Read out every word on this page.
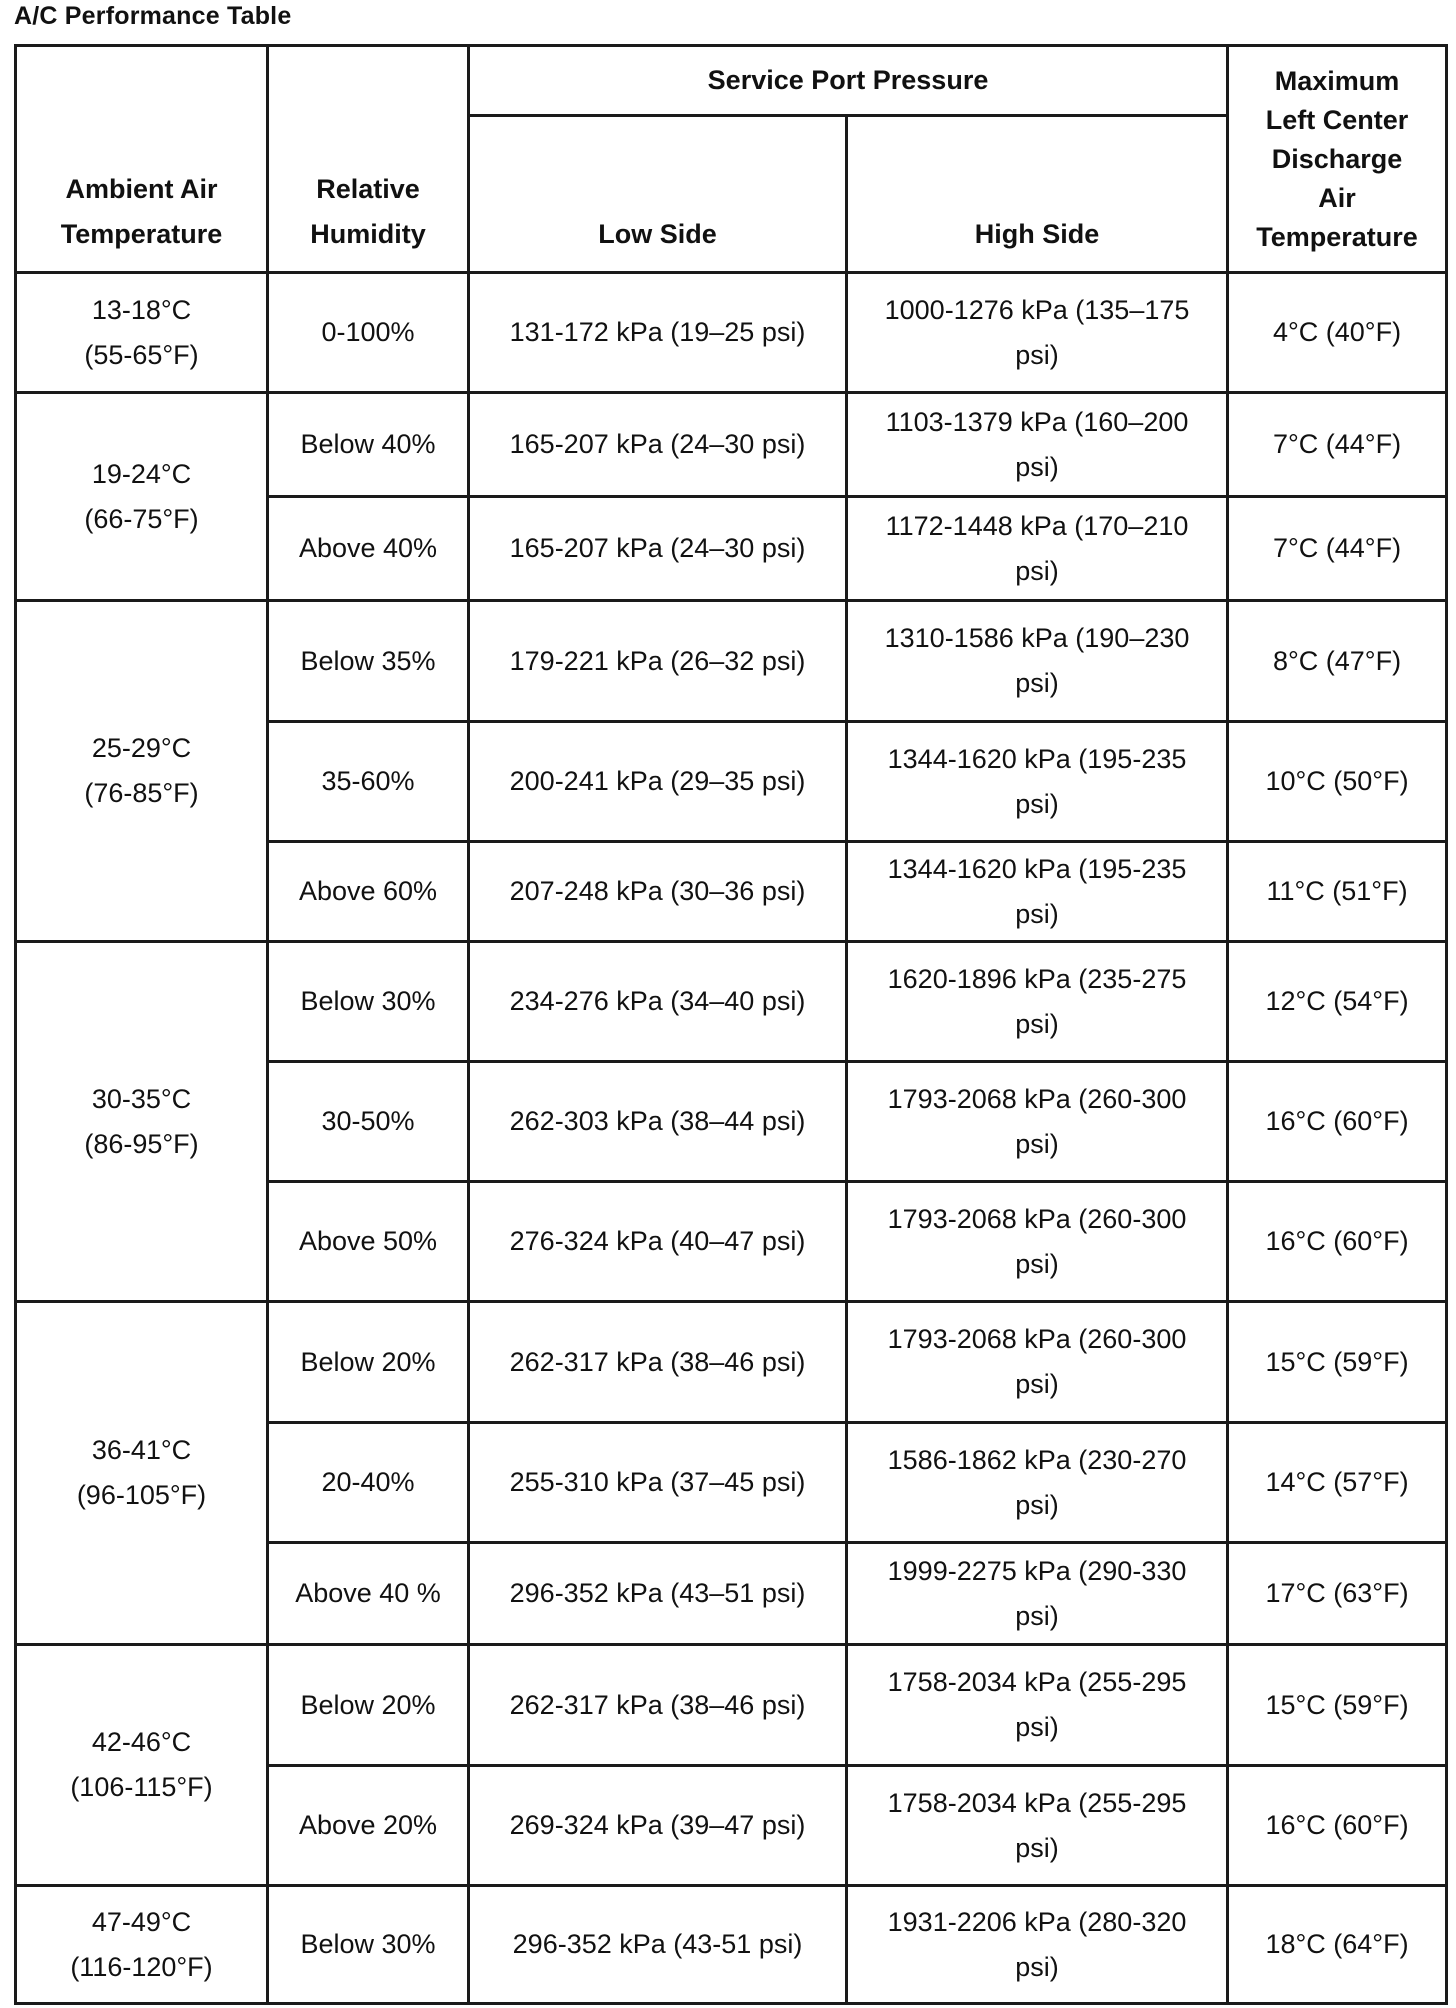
A/C Performance Table
Ambient Air
Temperature	Relative
Humidity	Service Port Pressure		Maximum
Left Center
Discharge
Air
Temperature

		Low Side	High Side	

13-18°C
(55-65°F)	0-100%	131-172 kPa (19–25 psi)	1000-1276 kPa (135–175
psi)	4°C (40°F)

19-24°C
(66-75°F)	Below 40%	165-207 kPa (24–30 psi)	1103-1379 kPa (160–200
psi)	7°C (44°F)
	Above 40%	165-207 kPa (24–30 psi)	1172-1448 kPa (170–210
psi)	7°C (44°F)

25-29°C
(76-85°F)	Below 35%	179-221 kPa (26–32 psi)	1310-1586 kPa (190–230
psi)	8°C (47°F)
	35-60%	200-241 kPa (29–35 psi)	1344-1620 kPa (195-235
psi)	10°C (50°F)
	Above 60%	207-248 kPa (30–36 psi)	1344-1620 kPa (195-235
psi)	11°C (51°F)

30-35°C
(86-95°F)	Below 30%	234-276 kPa (34–40 psi)	1620-1896 kPa (235-275
psi)	12°C (54°F)
	30-50%	262-303 kPa (38–44 psi)	1793-2068 kPa (260-300
psi)	16°C (60°F)
	Above 50%	276-324 kPa (40–47 psi)	1793-2068 kPa (260-300
psi)	16°C (60°F)

36-41°C
(96-105°F)	Below 20%	262-317 kPa (38–46 psi)	1793-2068 kPa (260-300
psi)	15°C (59°F)
	20-40%	255-310 kPa (37–45 psi)	1586-1862 kPa (230-270
psi)	14°C (57°F)
	Above 40 %	296-352 kPa (43–51 psi)	1999-2275 kPa (290-330
psi)	17°C (63°F)

42-46°C
(106-115°F)	Below 20%	262-317 kPa (38–46 psi)	1758-2034 kPa (255-295
psi)	15°C (59°F)
	Above 20%	269-324 kPa (39–47 psi)	1758-2034 kPa (255-295
psi)	16°C (60°F)

47-49°C
(116-120°F)	Below 30%	296-352 kPa (43-51 psi)	1931-2206 kPa (280-320
psi)	18°C (64°F)
